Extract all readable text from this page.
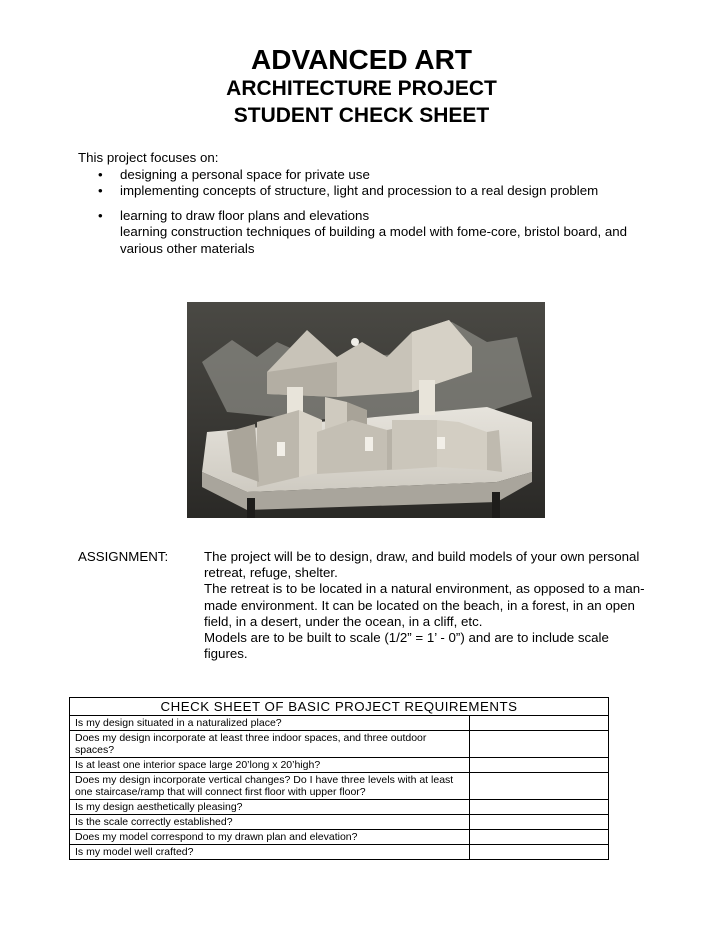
ADVANCED ART
ARCHITECTURE PROJECT
STUDENT CHECK SHEET

This project focuses on:

• designing a personal space for private use
• implementing concepts of structure, light and procession to a real design problem
• learning to draw floor plans and elevations
learning construction techniques of building a model with fome-core, bristol board, and various other materials
ASSIGNMENT:	The project will be to design, draw, and build models of your own personal retreat, refuge, shelter.

The retreat is to be located in a natural environment, as opposed to a man-made environment. It can be located on the beach, in a forest, in an open field, in a desert, under the ocean, in a cliff, etc.

Models are to be built to scale (1/2” = 1’ - 0”) and are to include scale figures.

CHECK SHEET OF BASIC PROJECT REQUIREMENTS	
Is my design situated in a naturalized place?	
Does my design incorporate at least three indoor spaces, and three outdoor spaces?	
Is at least one interior space large 20’long x 20’high?	
Does my design incorporate vertical changes? Do I have three levels with at least one staircase/ramp that will connect first floor with upper floor?	
Is my design aesthetically pleasing?	
Is the scale correctly established?	
Does my model correspond to my drawn plan and elevation?	
Is my model well crafted?	
